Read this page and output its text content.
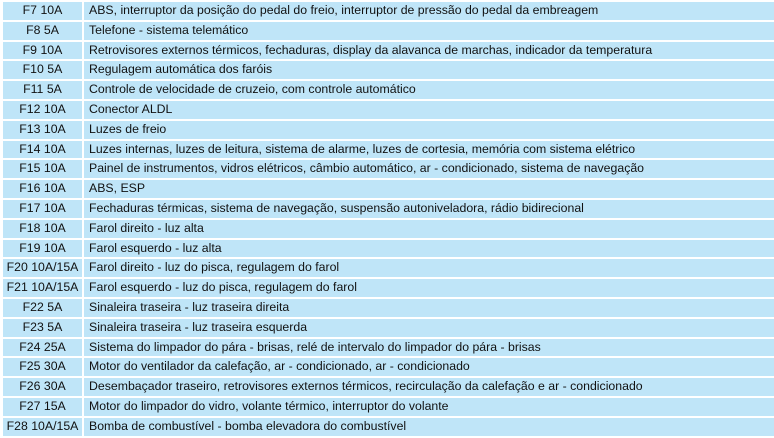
F7 10A		ABS, interruptor da posição do pedal do freio, interruptor de pressão do pedal da embreagem
F8 5A		Telefone - sistema telemático
F9 10A		Retrovisores externos térmicos, fechaduras, display da alavanca de marchas, indicador da temperatura
F10 5A		Regulagem automática dos faróis
F11 5A		Controle de velocidade de cruzeio, com controle automático
F12 10A		Conector ALDL
F13 10A		Luzes de freio
F14 10A		Luzes internas, luzes de leitura, sistema de alarme, luzes de cortesia, memória com sistema elétrico
F15 10A		Painel de instrumentos, vidros elétricos, câmbio automático, ar - condicionado, sistema de navegação
F16 10A		ABS, ESP
F17 10A		Fechaduras térmicas, sistema de navegação, suspensão autoniveladora, rádio bidirecional
F18 10A		Farol direito - luz alta
F19 10A		Farol esquerdo - luz alta
F20 10A/15A		Farol direito - luz do pisca, regulagem do farol
F21 10A/15A		Farol esquerdo - luz do pisca, regulagem do farol
F22 5A		Sinaleira traseira - luz traseira direita
F23 5A		Sinaleira traseira - luz traseira esquerda
F24 25A		Sistema do limpador do pára - brisas, relé de intervalo do limpador do pára - brisas
F25 30A		Motor do ventilador da calefação, ar - condicionado, ar - condicionado
F26 30A		Desembaçador traseiro, retrovisores externos térmicos, recirculação da calefação e ar - condicionado
F27 15A		Motor do limpador do vidro, volante térmico, interruptor do volante
F28 10A/15A		Bomba de combustível - bomba elevadora do combustível
